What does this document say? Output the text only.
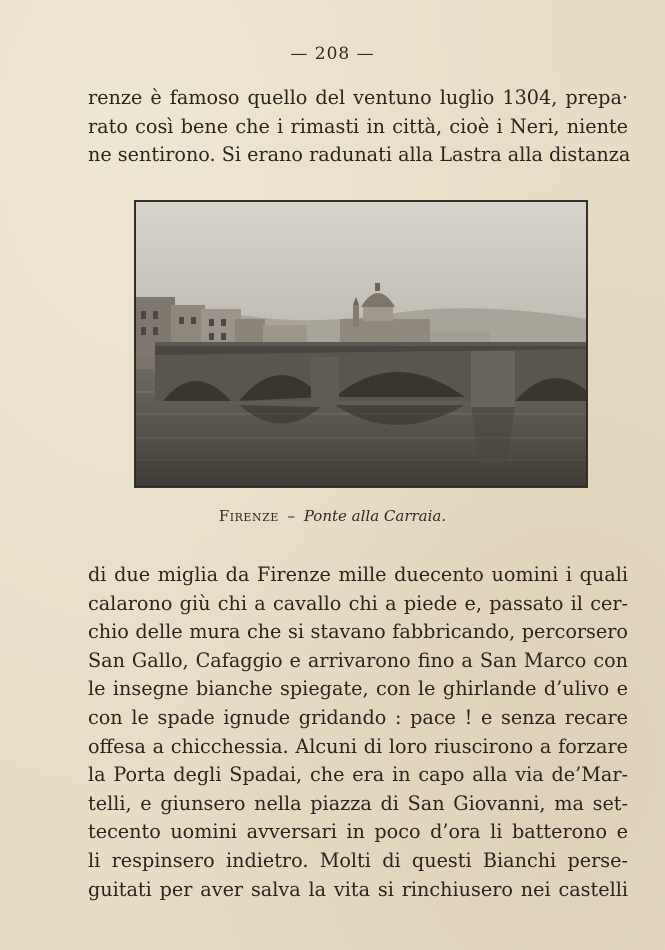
— 208 —
renze è famoso quello del ventuno luglio 1304, prepa·
rato così bene che i rimasti in città, cioè i Neri, niente
ne sentirono. Si erano radunati alla Lastra alla distanza
Firenze – Ponte alla Carraia.
di due miglia da Firenze mille duecento uomini i quali
calarono giù chi a cavallo chi a piede e, passato il cer-
chio delle mura che si stavano fabbricando, percorsero
San Gallo, Cafaggio e arrivarono fino a San Marco con
le insegne bianche spiegate, con le ghirlande d’ulivo e
con le spade ignude gridando : pace ! e senza recare
offesa a chicchessia. Alcuni di loro riuscirono a forzare
la Porta degli Spadai, che era in capo alla via de’Mar-
telli, e giunsero nella piazza di San Giovanni, ma set-
tecento uomini avversari in poco d’ora li batterono e
li respinsero indietro. Molti di questi Bianchi perse-
guitati per aver salva la vita si rinchiusero nei castelli
